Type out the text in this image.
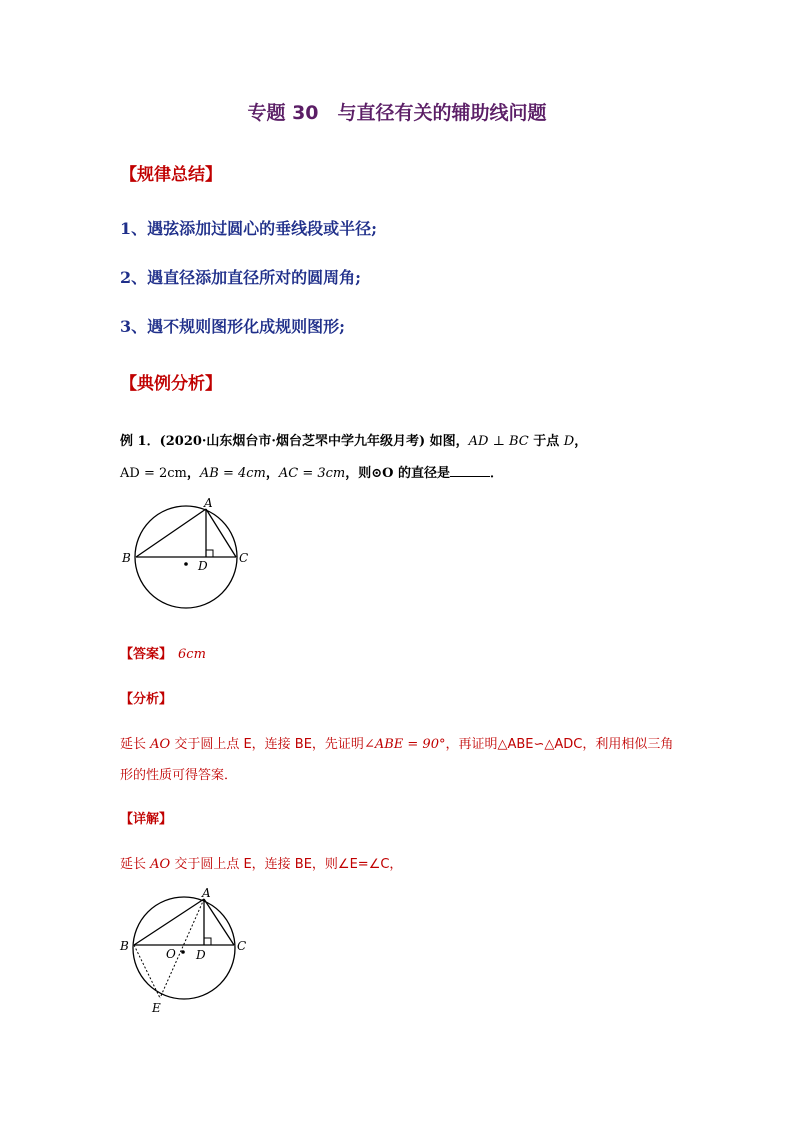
专题 30　与直径有关的辅助线问题
【规律总结】
1、遇弦添加过圆心的垂线段或半径;
2、遇直径添加直径所对的圆周角;
3、遇不规则图形化成规则图形;
【典例分析】
例 1．(2020·山东烟台市·烟台芝罘中学九年级月考) 如图，AD ⊥ BC 于点 D，
AD = 2cm，AB = 4cm，AC = 3cm，则⊙O 的直径是	．
A
B	C
D
【答案】 6cm
【分析】
延长 AO 交于圆上点 E，连接 BE，先证明∠ABE = 90°，再证明△ABE∽△ADC，利用相似三角
形的性质可得答案．
【详解】
延长 AO 交于圆上点 E，连接 BE，则∠E=∠C，
A
B	C
D
O
E
